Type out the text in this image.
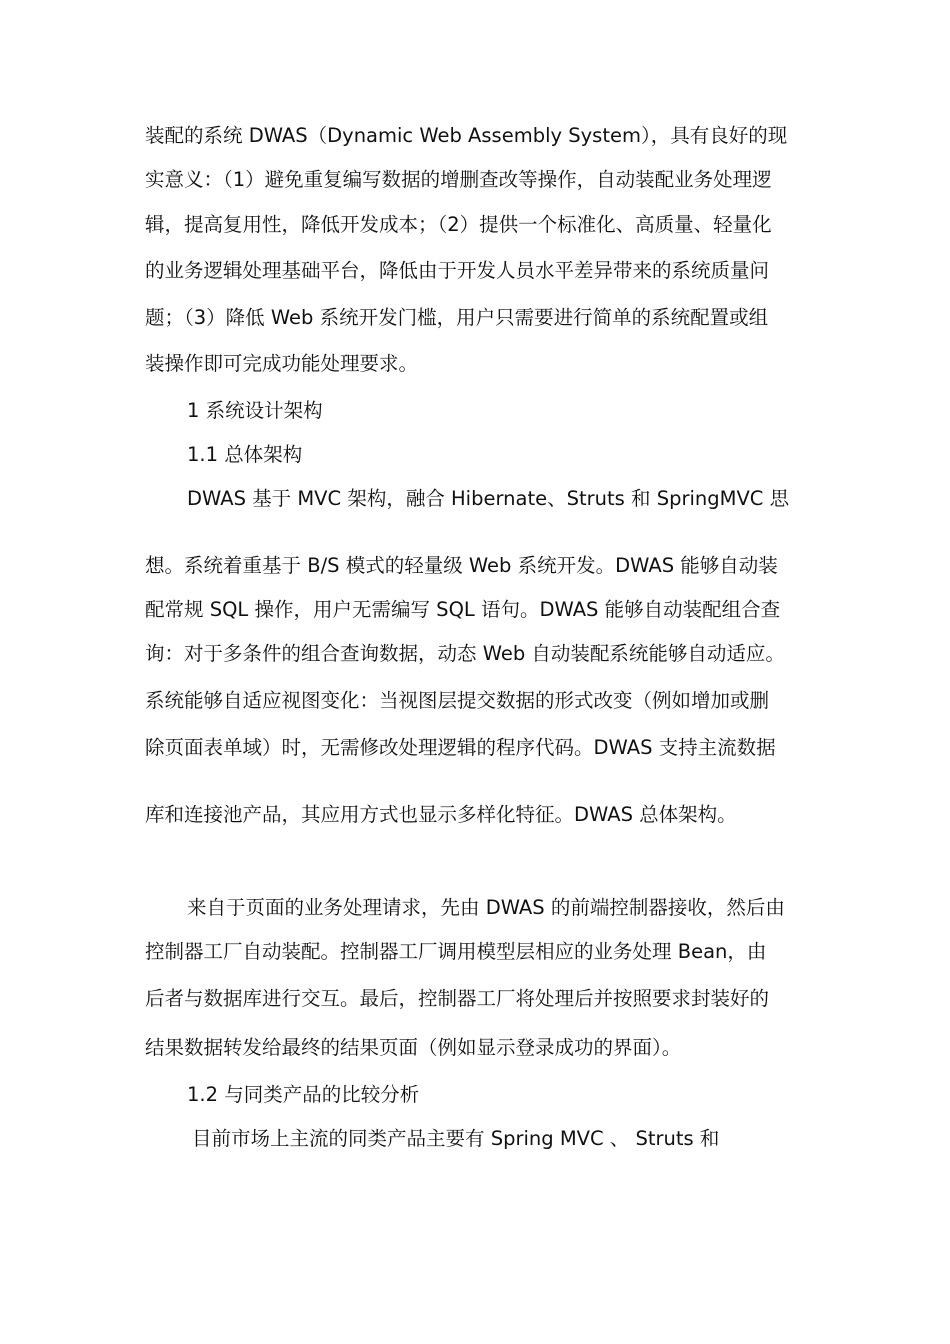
装配的系统 DWAS（Dynamic Web Assembly System），具有良好的现
实意义：（1）避免重复编写数据的增删查改等操作，自动装配业务处理逻
辑，提高复用性，降低开发成本；（2）提供一个标准化、高质量、轻量化
的业务逻辑处理基础平台，降低由于开发人员水平差异带来的系统质量问
题；（3）降低 Web 系统开发门槛，用户只需要进行简单的系统配置或组
装操作即可完成功能处理要求。
1 系统设计架构
1.1 总体架构
DWAS 基于 MVC 架构，融合 Hibernate、Struts 和 SpringMVC 思
想。系统着重基于 B/S 模式的轻量级 Web 系统开发。DWAS 能够自动装
配常规 SQL 操作，用户无需编写 SQL 语句。DWAS 能够自动装配组合查
询：对于多条件的组合查询数据，动态 Web 自动装配系统能够自动适应。
系统能够自适应视图变化：当视图层提交数据的形式改变（例如增加或删
除页面表单域）时，无需修改处理逻辑的程序代码。DWAS 支持主流数据
库和连接池产品，其应用方式也显示多样化特征。DWAS 总体架构。
来自于页面的业务处理请求，先由 DWAS 的前端控制器接收，然后由
控制器工厂自动装配。控制器工厂调用模型层相应的业务处理 Bean，由
后者与数据库进行交互。最后，控制器工厂将处理后并按照要求封装好的
结果数据转发给最终的结果页面（例如显示登录成功的界面）。
1.2 与同类产品的比较分析
目前市场上主流的同类产品主要有 Spring MVC 、 Struts 和
